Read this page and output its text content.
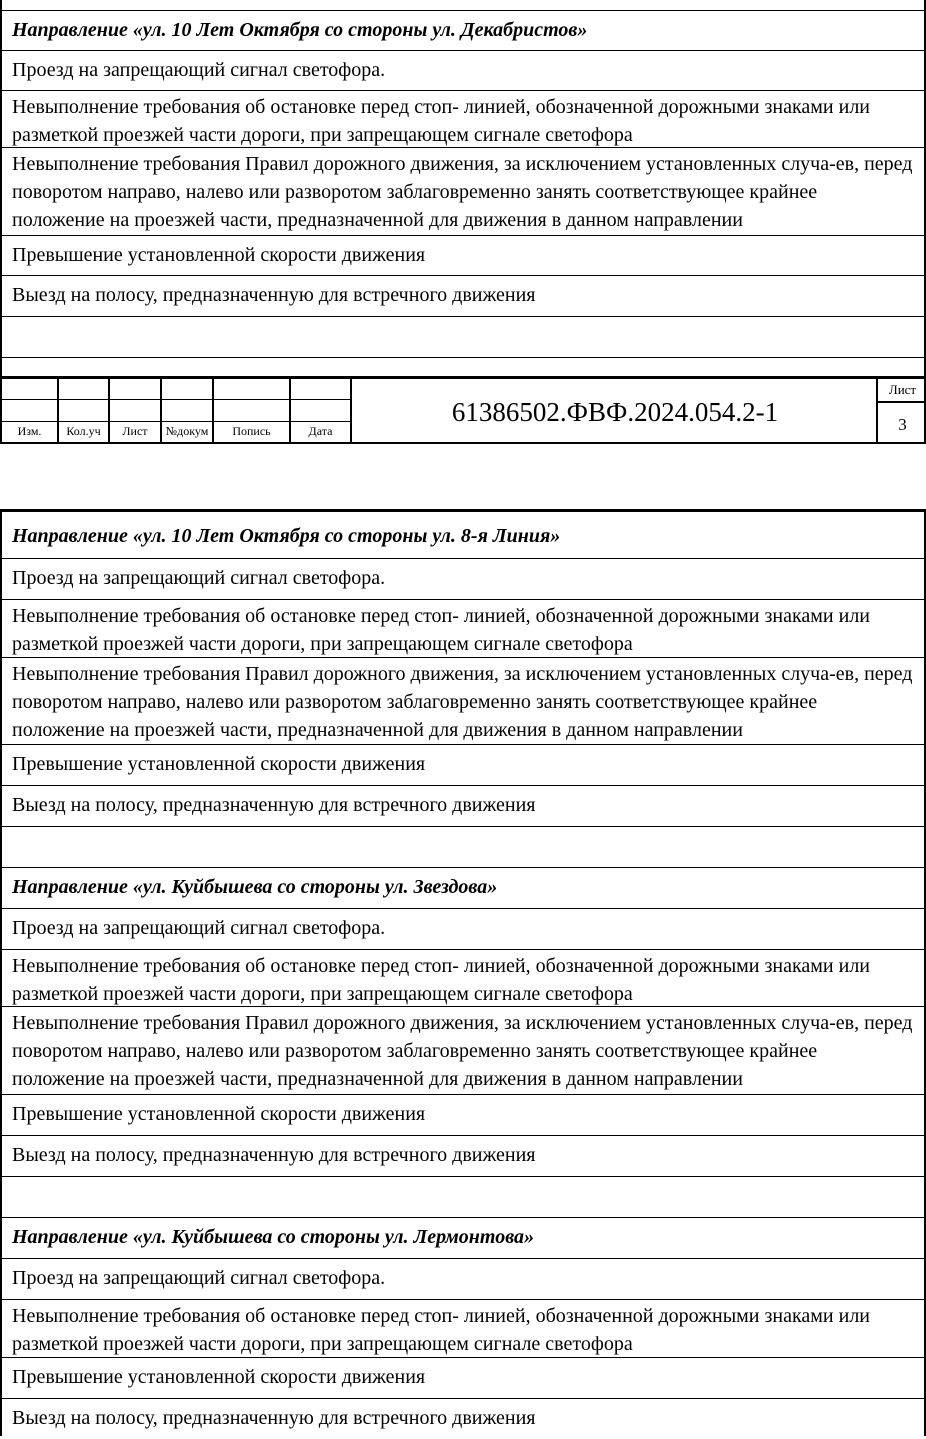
Направление «ул. 10 Лет Октября со стороны ул. Декабристов»
Проезд на запрещающий сигнал светофора.
Невыполнение требования об остановке перед стоп- линией, обозначенной дорожными знаками или разметкой проезжей части дороги, при запрещающем сигнале светофора
Невыполнение требования Правил дорожного движения, за исключением установленных случа-ев, перед поворотом направо, налево или разворотом заблаговременно занять соответствующее крайнее положение на проезжей части, предназначенной для движения в данном направлении
Превышение установленной скорости движения
Выезд на полосу, предназначенную для встречного движения
Изм.	Кол.уч	Лист	№докум	Попись	Дата
61386502.ФВФ.2024.054.2-1
Лист
3
Направление «ул. 10 Лет Октября со стороны ул. 8-я Линия»
Проезд на запрещающий сигнал светофора.
Невыполнение требования об остановке перед стоп- линией, обозначенной дорожными знаками или разметкой проезжей части дороги, при запрещающем сигнале светофора
Невыполнение требования Правил дорожного движения, за исключением установленных случа-ев, перед поворотом направо, налево или разворотом заблаговременно занять соответствующее крайнее положение на проезжей части, предназначенной для движения в данном направлении
Превышение установленной скорости движения
Выезд на полосу, предназначенную для встречного движения
Направление «ул. Куйбышева со стороны ул. Звездова»
Проезд на запрещающий сигнал светофора.
Невыполнение требования об остановке перед стоп- линией, обозначенной дорожными знаками или разметкой проезжей части дороги, при запрещающем сигнале светофора
Невыполнение требования Правил дорожного движения, за исключением установленных случа-ев, перед поворотом направо, налево или разворотом заблаговременно занять соответствующее крайнее положение на проезжей части, предназначенной для движения в данном направлении
Превышение установленной скорости движения
Выезд на полосу, предназначенную для встречного движения
Направление «ул. Куйбышева со стороны ул. Лермонтова»
Проезд на запрещающий сигнал светофора.
Невыполнение требования об остановке перед стоп- линией, обозначенной дорожными знаками или разметкой проезжей части дороги, при запрещающем сигнале светофора
Превышение установленной скорости движения
Выезд на полосу, предназначенную для встречного движения
